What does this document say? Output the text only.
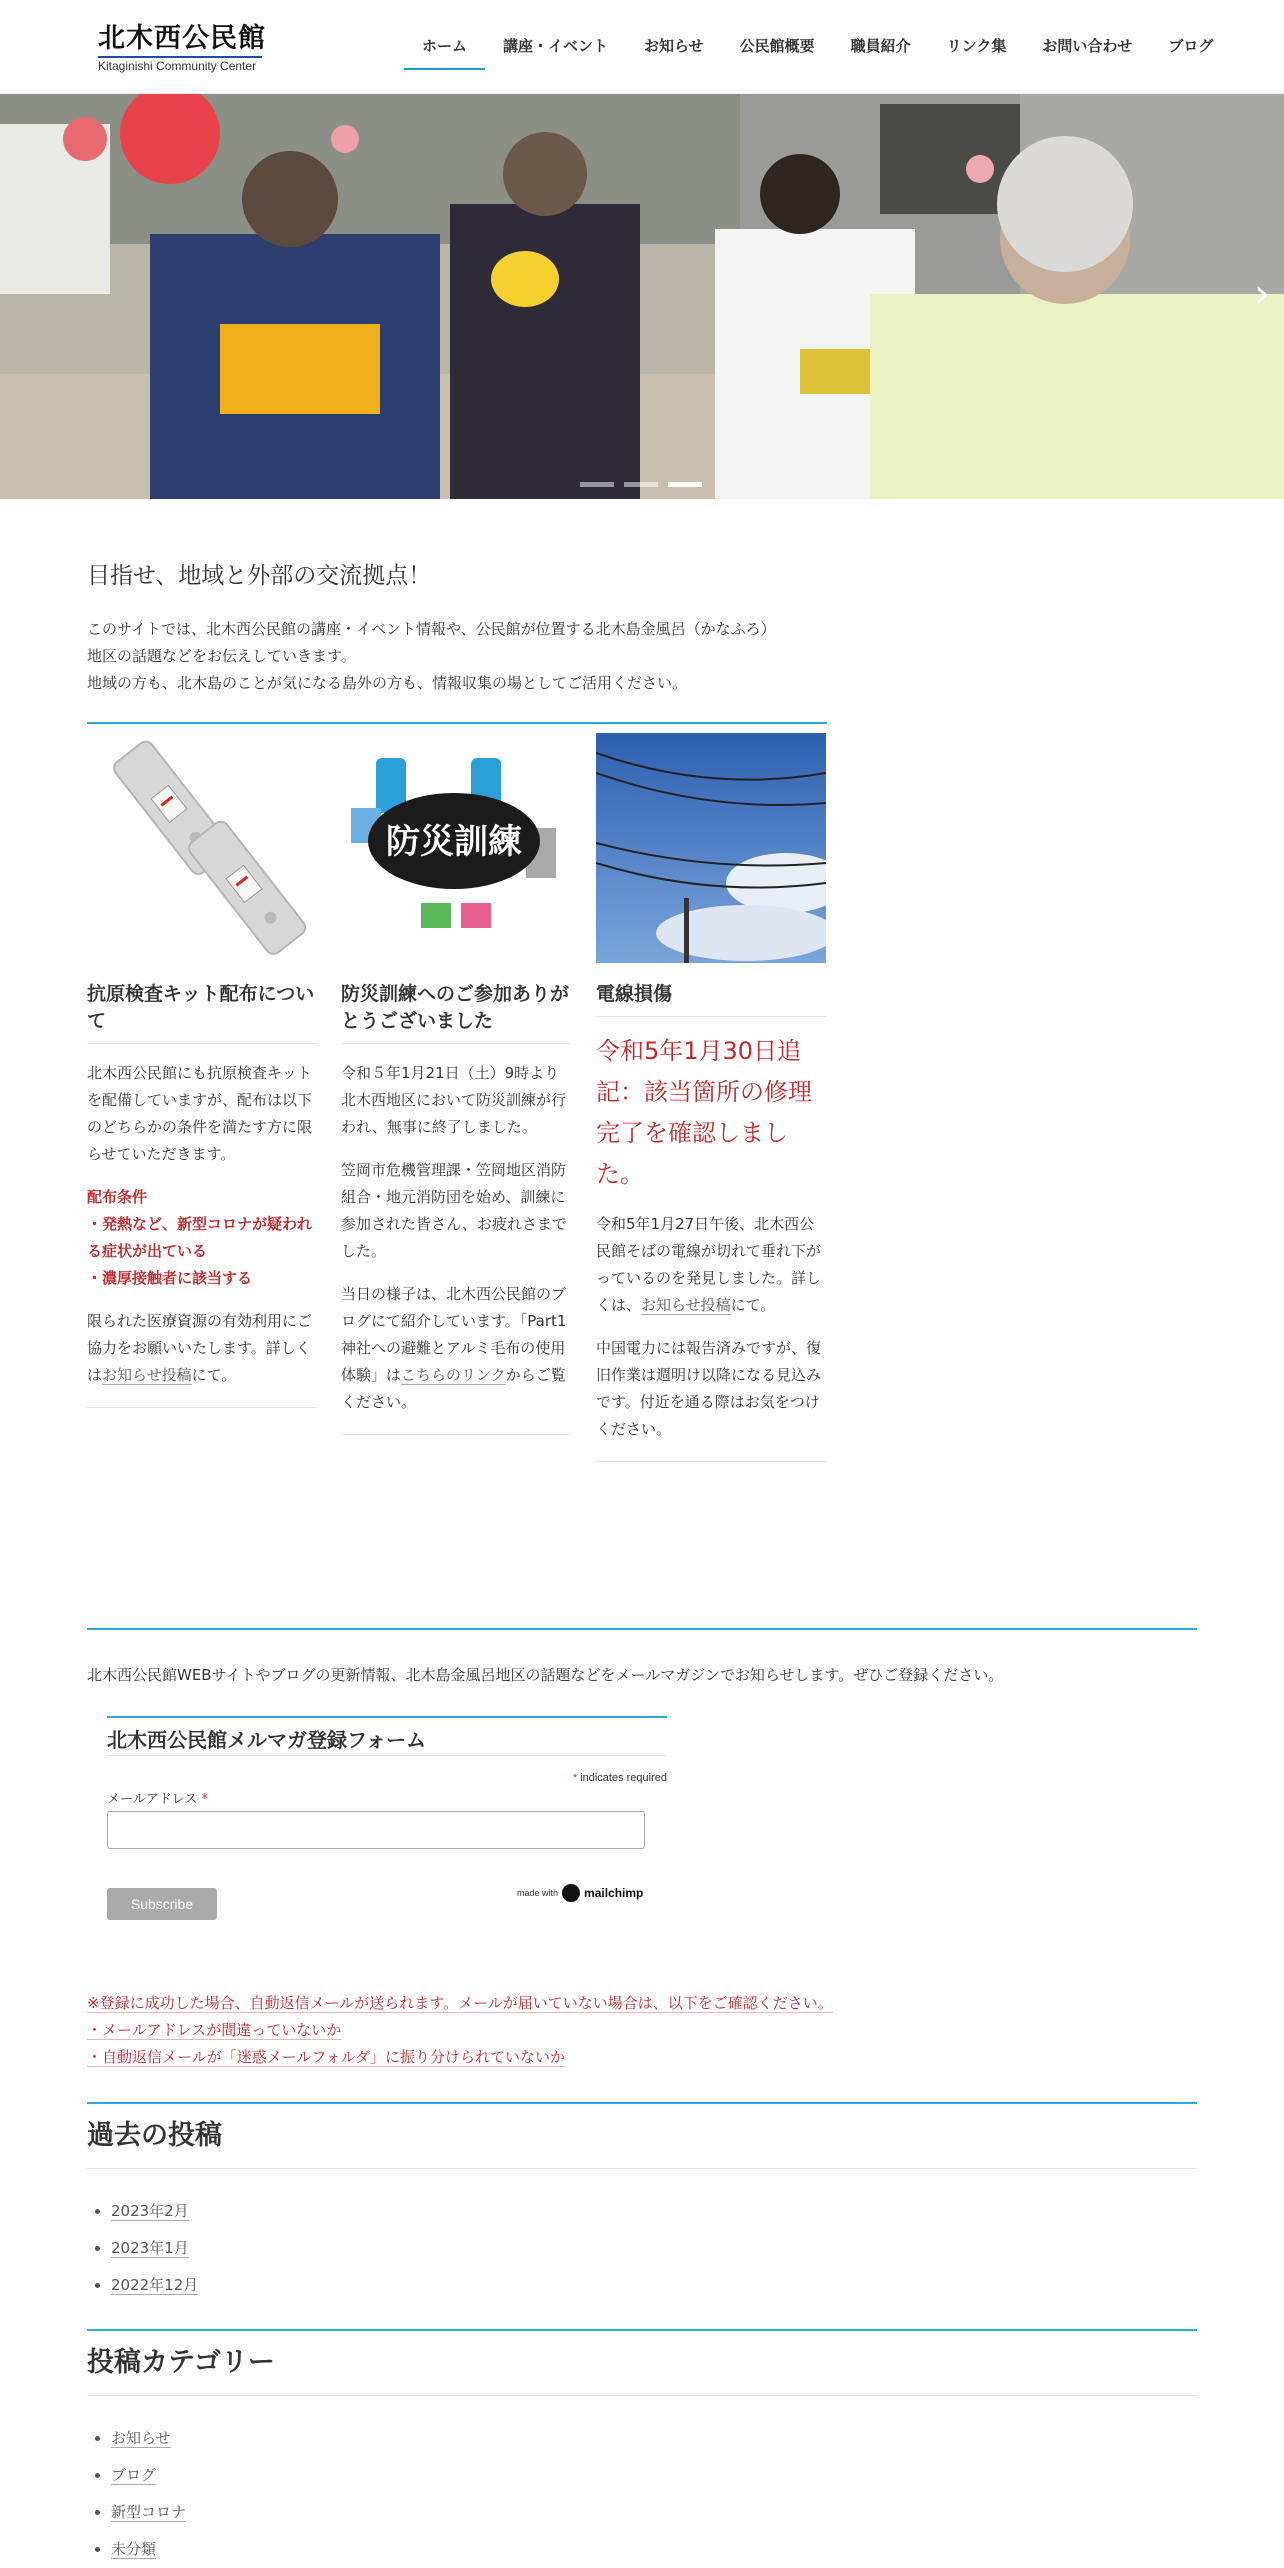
北木西公民館
Kitaginishi Community Center
ホーム	講座・イベント	お知らせ	公民館概要	職員紹介	リンク集	お問い合わせ	ブログ
›
目指せ、地域と外部の交流拠点！

このサイトでは、北木西公民館の講座・イベント情報や、公民館が位置する北木島金風呂（かなふろ）

地区の話題などをお伝えしていきます。

地域の方も、北木島のことが気になる島外の方も、情報収集の場としてご活用ください。

抗原検査キット配布について

北木西公民館にも抗原検査キットを配備していますが、配布は以下のどちらかの条件を満たす方に限らせていただきます。

配布条件
・発熱など、新型コロナが疑われる症状が出ている
・濃厚接触者に該当する

限られた医療資源の有効利用にご協力をお願いいたします。詳しくはお知らせ投稿にて。

防災訓練
防災訓練へのご参加ありがとうございました

令和５年1月21日（土）9時より北木西地区において防災訓練が行われ、無事に終了しました。

笠岡市危機管理課・笠岡地区消防組合・地元消防団を始め、訓練に参加された皆さん、お疲れさまでした。

当日の様子は、北木西公民館のブログにて紹介しています。「Part1　神社への避難とアルミ毛布の使用体験」はこちらのリンクからご覧ください。

電線損傷

令和5年1月30日追記：該当箇所の修理完了を確認しました。

令和5年1月27日午後、北木西公民館そばの電線が切れて垂れ下がっているのを発見しました。詳しくは、お知らせ投稿にて。

中国電力には報告済みですが、復旧作業は週明け以降になる見込みです。付近を通る際はお気をつけください。

北木西公民館WEBサイトやブログの更新情報、北木島金風呂地区の話題などをメールマガジンでお知らせします。ぜひご登録ください。
北木西公民館メルマガ登録フォーム
* indicates required
メールアドレス *
Subscribe
made with mailchimp
※登録に成功した場合、自動返信メールが送られます。メールが届いていない場合は、以下をご確認ください。
・メールアドレスが間違っていないか
・自動返信メールが「迷惑メールフォルダ」に振り分けられていないか
過去の投稿
• 2023年2月
• 2023年1月
• 2022年12月
投稿カテゴリー
• お知らせ
• ブログ
• 新型コロナ
• 未分類
